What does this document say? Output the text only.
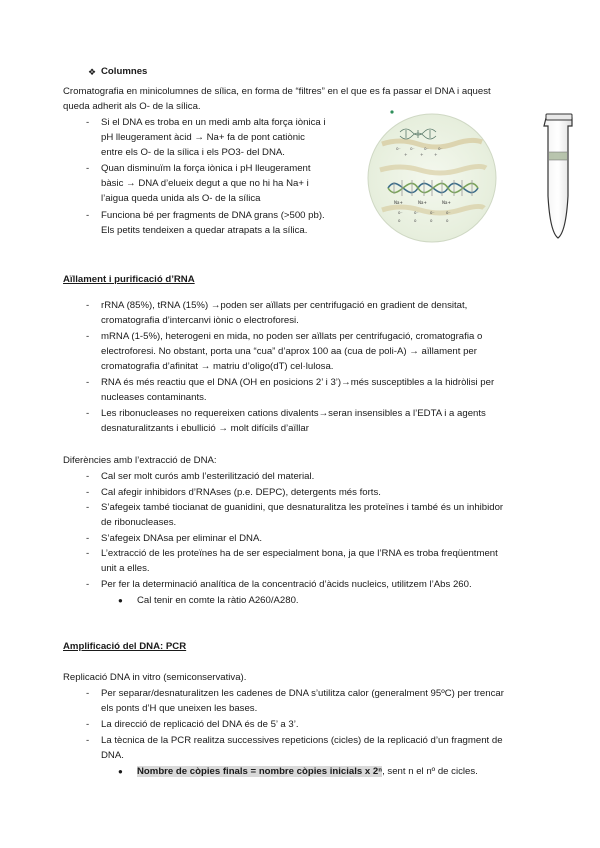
❖ Columnes
Cromatografia en minicolumnes de sílica, en forma de “filtres” en el que es fa passar el DNA i aquest
queda adherit als O- de la sílica.
- Si el DNA es troba en un medi amb alta força iònica i
pH lleugerament àcid → Na+ fa de pont catiònic
entre els O- de la sílica i els PO3- del DNA.
- Quan disminuïm la força iònica i pH lleugerament
bàsic → DNA d’elueix degut a que no hi ha Na+ i
l’aigua queda unida als O- de la sílica
- Funciona bé per fragments de DNA grans (>500 pb).
Els petits tendeixen a quedar atrapats a la sílica.
o⁻ o⁻ o⁻ o⁻
+	+ +
Na+	Na+	Na+
o⁻	o⁻	o⁻	o⁻
o	o	o	o
Aïllament i purificació d’RNA
- rRNA (85%), tRNA (15%) →poden ser aïllats per centrifugació en gradient de densitat,
cromatografia d’intercanvi iònic o electroforesi.
- mRNA (1-5%), heterogeni en mida, no poden ser aïllats per centrifugació, cromatografia o
electroforesi. No obstant, porta una “cua” d’aprox 100 aa (cua de poli-A) → aïllament per
cromatografia d’afinitat → matriu d’oligo(dT) cel·lulosa.
- RNA és més reactiu que el DNA (OH en posicions 2’ i 3’)→més susceptibles a la hidròlisi per
nucleases contaminants.
- Les ribonucleases no requereixen cations divalents→seran insensibles a l’EDTA i a agents
desnaturalitzants i ebullició → molt difícils d’aïllar
Diferències amb l’extracció de DNA:
- Cal ser molt curós amb l’esterilització del material.
- Cal afegir inhibidors d’RNAses (p.e. DEPC), detergents més forts.
- S’afegeix també tiocianat de guanidini, que desnaturalitza les proteïnes i també és un inhibidor
de ribonucleases.
- S’afegeix DNAsa per eliminar el DNA.
- L’extracció de les proteïnes ha de ser especialment bona, ja que l’RNA es troba freqüentment
unit a elles.
- Per fer la determinació analítica de la concentració d’àcids nucleics, utilitzem l’Abs 260.
● Cal tenir en comte la ràtio A260/A280.
Amplificació del DNA: PCR
Replicació DNA in vitro (semiconservativa).
- Per separar/desnaturalitzen les cadenes de DNA s’utilitza calor (generalment 95ºC) per trencar
els ponts d’H que uneixen les bases.
- La direcció de replicació del DNA és de 5’ a 3’.
- La tècnica de la PCR realitza successives repeticions (cicles) de la replicació d’un fragment de
DNA.
● Nombre de còpies finals = nombre còpies inicials x 2ⁿ, sent n el nº de cicles.
